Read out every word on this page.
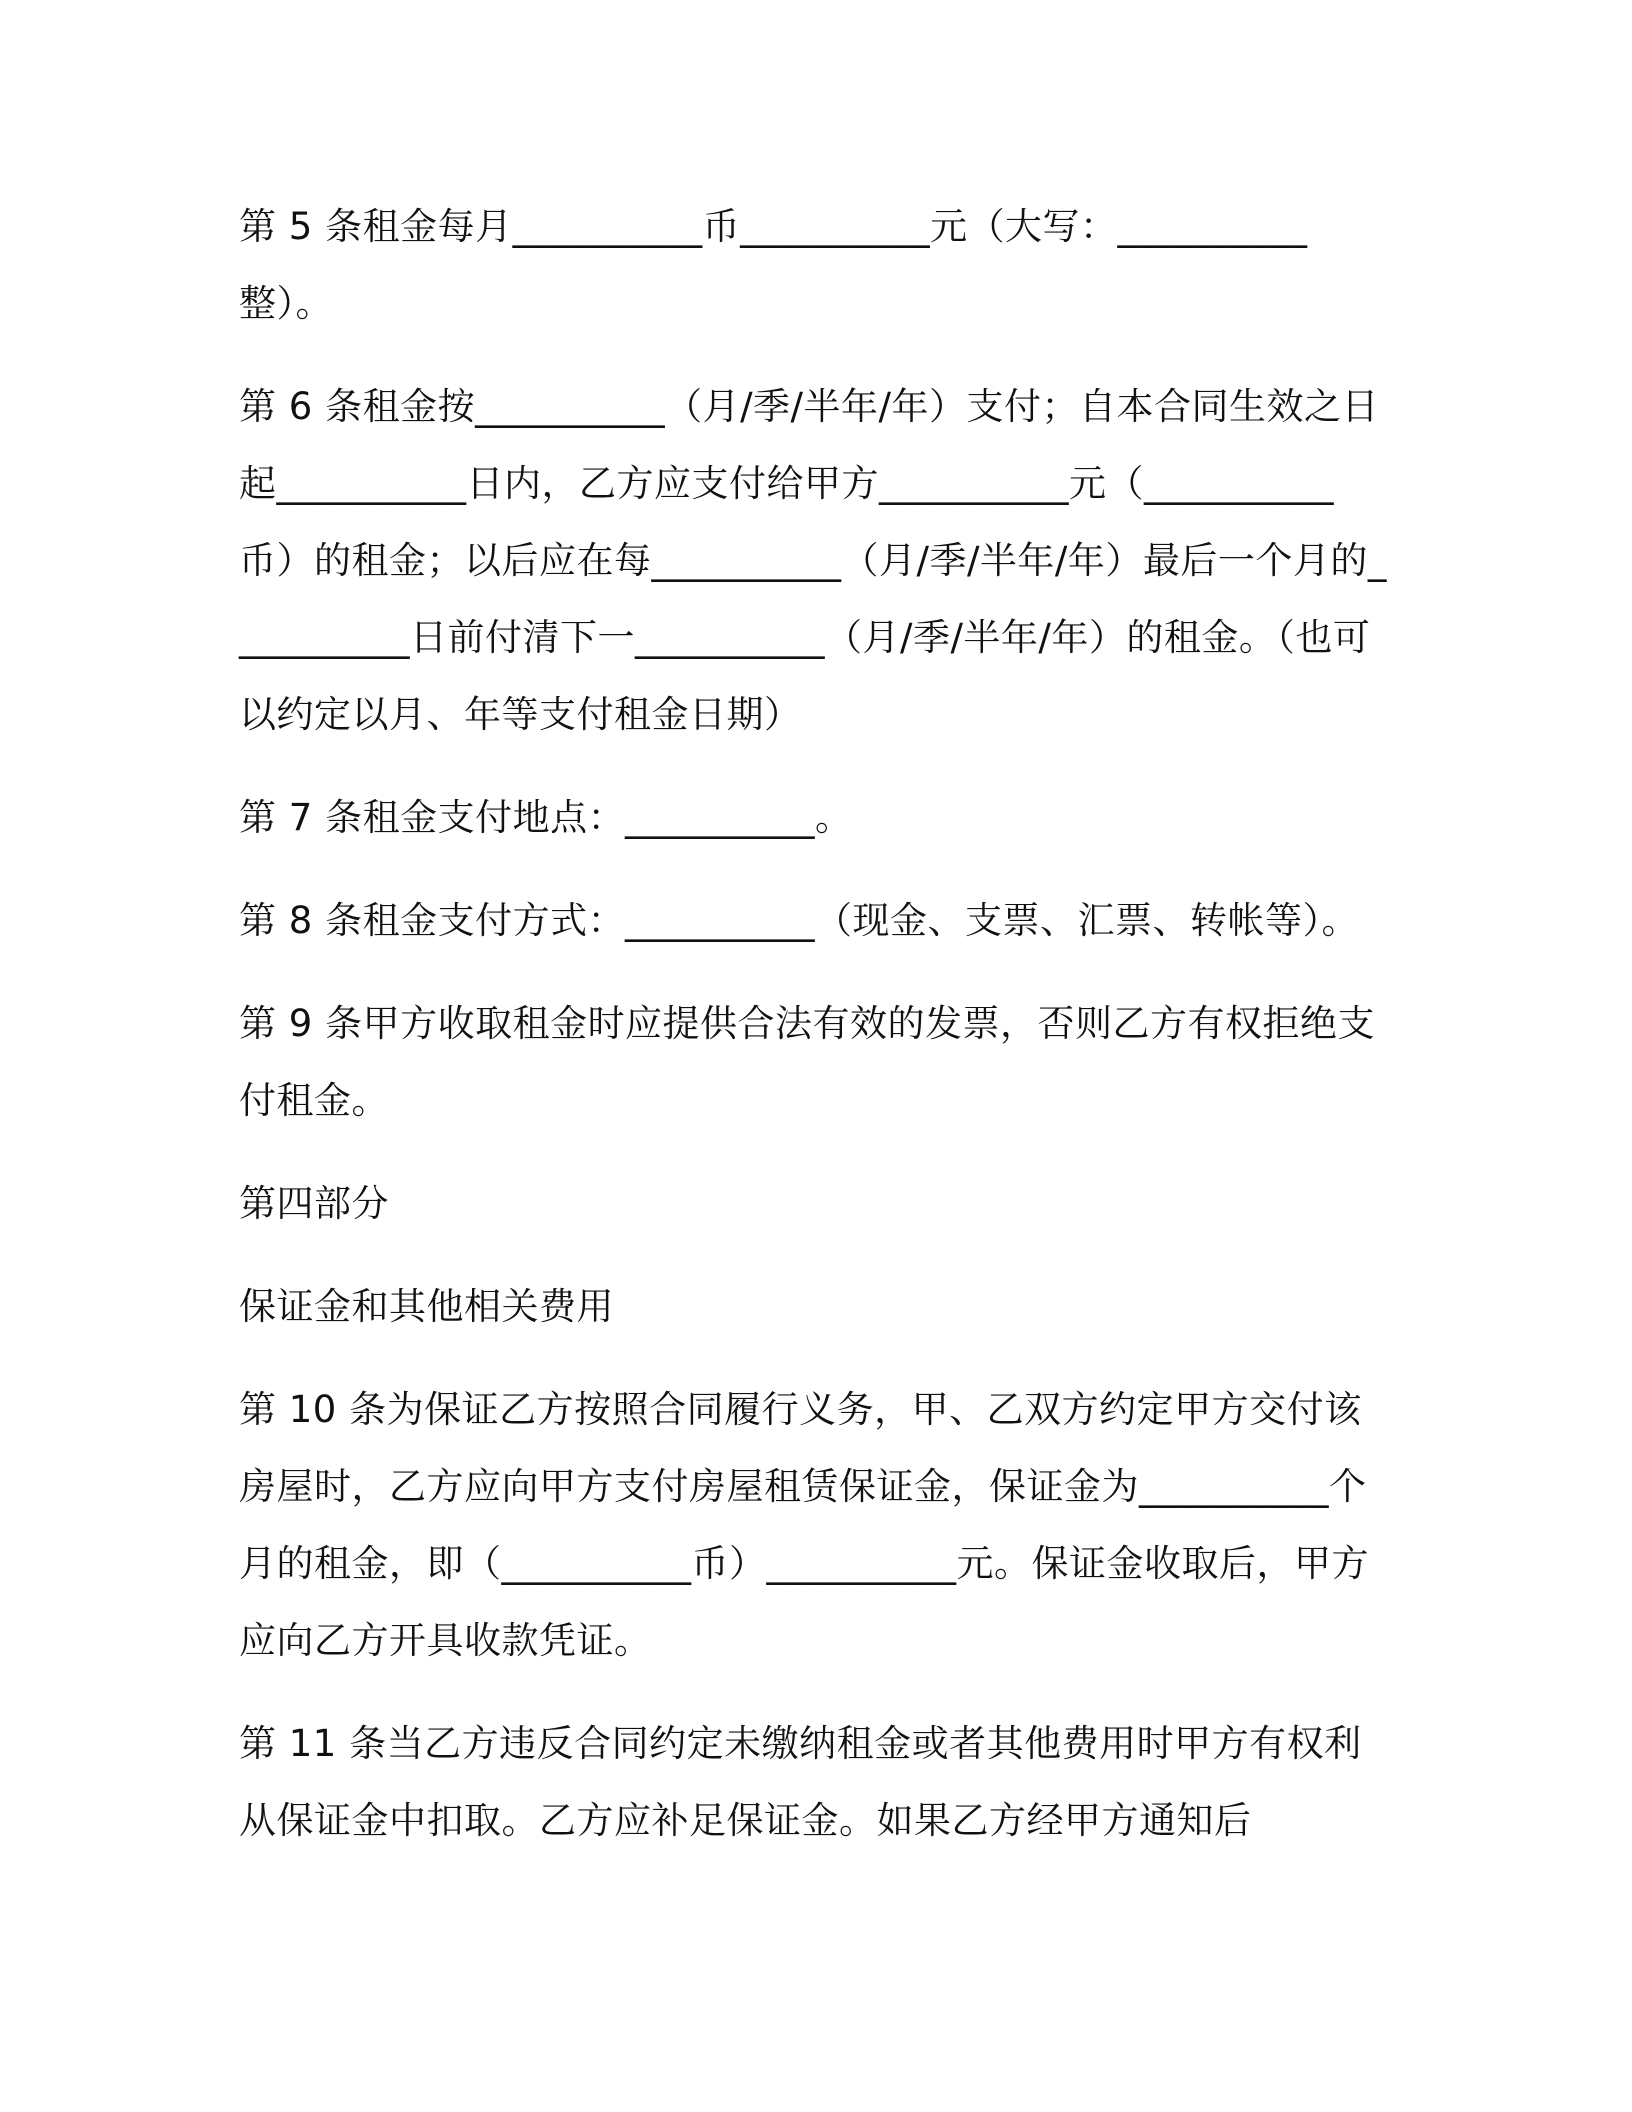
第 5 条租金每月__________币__________元（大写：__________整）。

第 6 条租金按__________（月/季/半年/年）支付；自本合同生效之日起__________日内，乙方应支付给甲方__________元（__________币）的租金；以后应在每__________（月/季/半年/年）最后一个月的__________日前付清下一__________（月/季/半年/年）的租金。（也可以约定以月、年等支付租金日期）

第 7 条租金支付地点：__________。

第 8 条租金支付方式：__________（现金、支票、汇票、转帐等）。

第 9 条甲方收取租金时应提供合法有效的发票，否则乙方有权拒绝支付租金。

第四部分

保证金和其他相关费用

第 10 条为保证乙方按照合同履行义务，甲、乙双方约定甲方交付该房屋时，乙方应向甲方支付房屋租赁保证金，保证金为__________个月的租金，即（__________币）__________元。保证金收取后，甲方应向乙方开具收款凭证。

第 11 条当乙方违反合同约定未缴纳租金或者其他费用时甲方有权利从保证金中扣取。乙方应补足保证金。如果乙方经甲方通知后
